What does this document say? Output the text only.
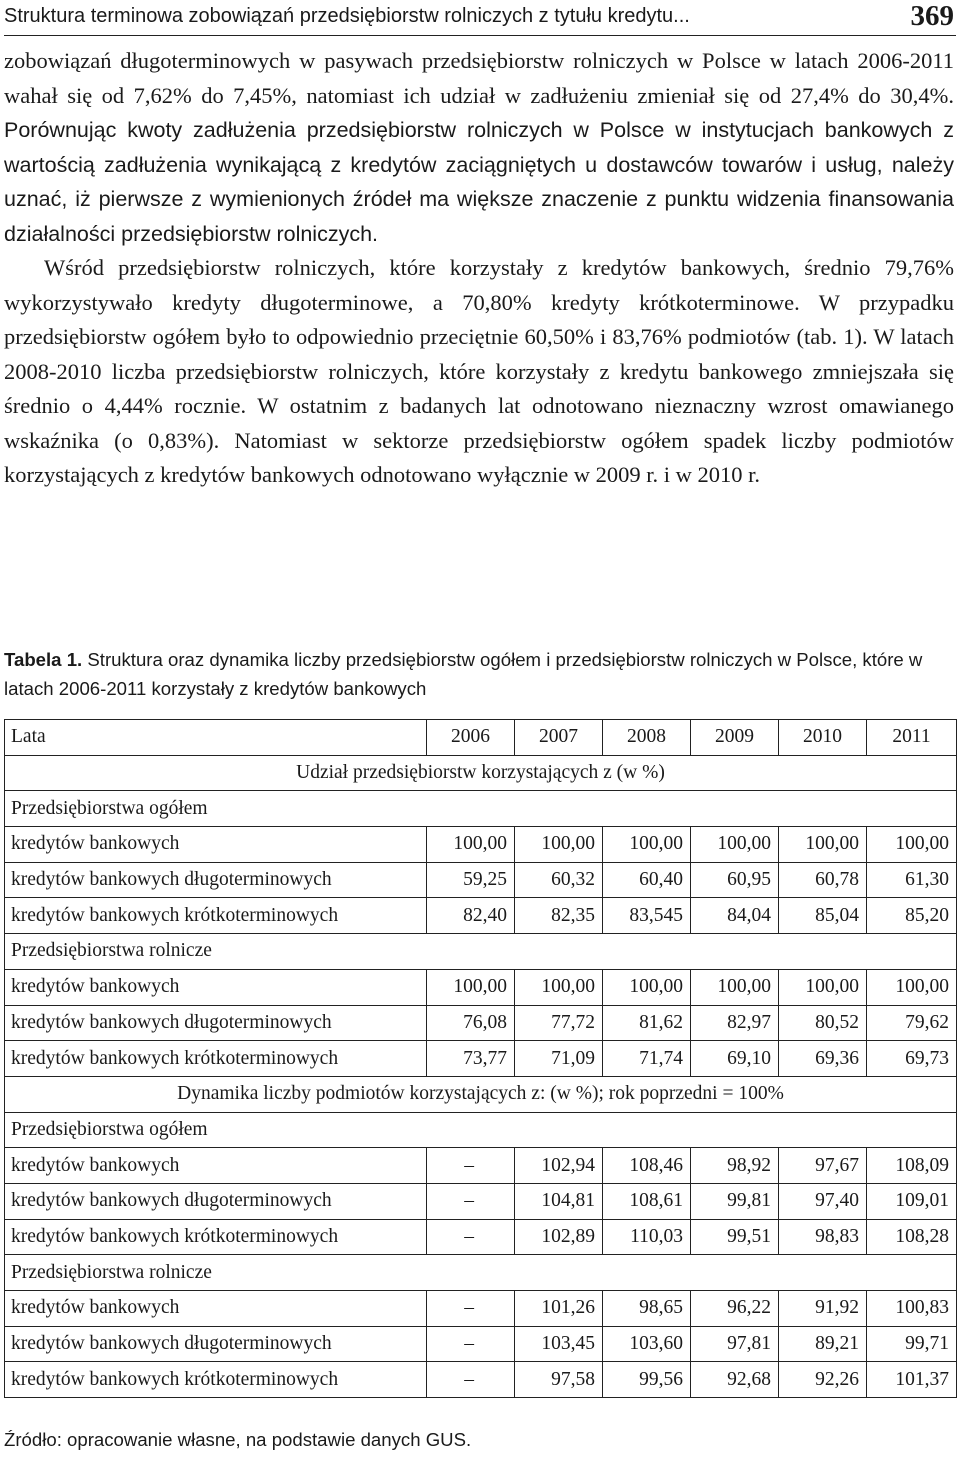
Struktura terminowa zobowiązań przedsiębiorstw rolniczych z tytułu kredytu...	369

zobowiązań długoterminowych w pasywach przedsiębiorstw rolniczych w Polsce w latach 2006-2011 wahał się od 7,62% do 7,45%, natomiast ich udział w zadłużeniu zmieniał się od 27,4% do 30,4%. Porównując kwoty zadłużenia przedsiębiorstw rolniczych w Polsce w instytucjach bankowych z wartością zadłużenia wynikającą z kredytów zaciągniętych u dostawców towarów i usług, należy uznać, iż pierwsze z wymienionych źródeł ma większe znaczenie z punktu widzenia finansowania działalności przedsiębiorstw rolniczych.

Wśród przedsiębiorstw rolniczych, które korzystały z kredytów bankowych, średnio 79,76% wykorzystywało kredyty długoterminowe, a 70,80% kredyty krótkoterminowe. W przypadku przedsiębiorstw ogółem było to odpowiednio przeciętnie 60,50% i 83,76% podmiotów (tab. 1). W latach 2008-2010 liczba przedsiębiorstw rolniczych, które korzystały z kredytu bankowego zmniejszała się średnio o 4,44% rocznie. W ostatnim z badanych lat odnotowano nieznaczny wzrost omawianego wskaźnika (o 0,83%). Natomiast w sektorze przedsiębiorstw ogółem spadek liczby podmiotów korzystających z kredytów bankowych odnotowano wyłącznie w 2009 r. i w 2010 r.

Tabela 1. Struktura oraz dynamika liczby przedsiębiorstw ogółem i przedsiębiorstw rolniczych w Polsce, które w latach 2006-2011 korzystały z kredytów bankowych
Lata	2006	2007	2008	2009	2010	2011
Udział przedsiębiorstw korzystających z (w %)						
Przedsiębiorstwa ogółem						
kredytów bankowych	100,00	100,00	100,00	100,00	100,00	100,00
kredytów bankowych długoterminowych	59,25	60,32	60,40	60,95	60,78	61,30
kredytów bankowych krótkoterminowych	82,40	82,35	83,545	84,04	85,04	85,20
Przedsiębiorstwa rolnicze						
kredytów bankowych	100,00	100,00	100,00	100,00	100,00	100,00
kredytów bankowych długoterminowych	76,08	77,72	81,62	82,97	80,52	79,62
kredytów bankowych krótkoterminowych	73,77	71,09	71,74	69,10	69,36	69,73
Dynamika liczby podmiotów korzystających z: (w %); rok poprzedni = 100%						
Przedsiębiorstwa ogółem						
kredytów bankowych	–	102,94	108,46	98,92	97,67	108,09
kredytów bankowych długoterminowych	–	104,81	108,61	99,81	97,40	109,01
kredytów bankowych krótkoterminowych	–	102,89	110,03	99,51	98,83	108,28
Przedsiębiorstwa rolnicze						
kredytów bankowych	–	101,26	98,65	96,22	91,92	100,83
kredytów bankowych długoterminowych	–	103,45	103,60	97,81	89,21	99,71
kredytów bankowych krótkoterminowych	–	97,58	99,56	92,68	92,26	101,37
Źródło: opracowanie własne, na podstawie danych GUS.
